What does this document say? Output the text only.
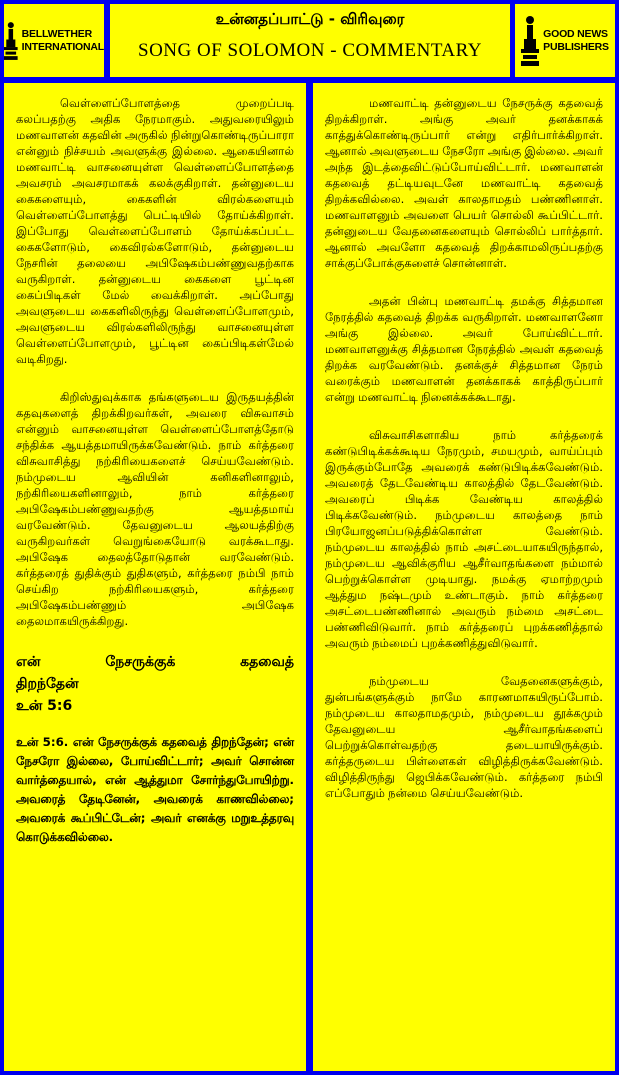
BELLWETHER
INTERNATIONAL
உன்னதப்பாட்டு - விரிவுரை
SONG OF SOLOMON - COMMENTARY
GOOD NEWS
PUBLISHERS

வெள்ளைப்போளத்தை முறைப்படி கலப்பதற்கு அதிக நேரமாகும். அதுவரையிலும் மணவாளன் கதவின் அருகில் நின்றுகொண்டிருப்பாரா என்னும் நிச்சயம் அவளுக்கு இல்லை. ஆகையினால் மணவாட்டி வாசனையுள்ள வெள்ளைப்போளத்தை அவசரம் அவசரமாகக் கலக்குகிறாள். தன்னுடைய கைகளையும், கைகளின் விரல்களையும் வெள்ளைப்போளத்து பெட்டியில் தோய்க்கிறாள். இப்போது வெள்ளைப்போளம் தோய்க்கப்பட்ட கைகளோடும், கைவிரல்களோடும், தன்னுடைய நேசரின் தலையை அபிஷேகம்பண்ணுவதற்காக வருகிறாள். தன்னுடைய கைகளை பூட்டின கைப்பிடிகள் மேல் வைக்கிறாள். அப்போது அவளுடைய கைகளிலிருந்து வெள்ளைப்போளமும், அவளுடைய விரல்களிலிருந்து வாசனையுள்ள வெள்ளைப்போளமும், பூட்டின கைப்பிடிகள்மேல் வடிகிறது.

கிறிஸ்துவுக்காக தங்களுடைய இருதயத்தின் கதவுகளைத் திறக்கிறவர்கள், அவரை விசுவாசம் என்னும் வாசனையுள்ள வெள்ளைப்போளத்தோடு சந்திக்க ஆயத்தமாயிருக்கவேண்டும். நாம் கர்த்தரை விசுவாசித்து நற்கிரியைகளைச் செய்யவேண்டும். நம்முடைய ஆவியின் கனிகளினாலும், நற்கிரியைகளினாலும், நாம் கர்த்தரை அபிஷேகம்பண்ணுவதற்கு ஆயத்தமாய் வரவேண்டும். தேவனுடைய ஆலயத்திற்கு வருகிறவர்கள் வெறுங்கையோடு வரக்கூடாது. அபிஷேக தைலத்தோடுதான் வரவேண்டும். கர்த்தரைத் துதிக்கும் துதிகளும், கர்த்தரை நம்பி நாம் செய்கிற நற்கிரியைகளும், கர்த்தரை அபிஷேகம்பண்ணும் அபிஷேக தைலமாகயிருக்கிறது.

என் நேசருக்குக் கதவைத்
திறந்தேன்
உன் 5:6

உன் 5:6. என் நேசருக்குக் கதவைத் திறந்தேன்; என் நேசரோ இல்லை, போய்விட்டார்; அவர் சொன்ன வார்த்தையால், என் ஆத்துமா சோர்ந்துபோயிற்று. அவரைத் தேடினேன், அவரைக் காணவில்லை; அவரைக் கூப்பிட்டேன்; அவர் எனக்கு மறுஉத்தரவு கொடுக்கவில்லை.

மணவாட்டி தன்னுடைய நேசருக்கு கதவைத் திறக்கிறாள். அங்கு அவர் தனக்காகக் காத்துக்கொண்டிருப்பார் என்று எதிர்பார்க்கிறாள். ஆனால் அவளுடைய நேசரோ அங்கு இல்லை. அவர் அந்த இடத்தைவிட்டுப்போய்விட்டார். மணவாளன் கதவைத் தட்டியவுடனே மணவாட்டி கதவைத் திறக்கவில்லை. அவள் காலதாமதம் பண்ணினாள். மணவாளனும் அவளை பெயர் சொல்லி கூப்பிட்டார். தன்னுடைய வேதனைகளையும் சொல்லிப் பார்த்தார். ஆனால் அவளோ கதவைத் திறக்காமலிருப்பதற்கு சாக்குப்போக்குகளைச் சொன்னாள்.

அதன் பின்பு மணவாட்டி தமக்கு சித்தமான நேரத்தில் கதவைத் திறக்க வருகிறாள். மணவாளனோ அங்கு இல்லை. அவர் போய்விட்டார். மணவாளனுக்கு சித்தமான நேரத்தில் அவள் கதவைத் திறக்க வரவேண்டும். தனக்குச் சித்தமான நேரம் வரைக்கும் மணவாளன் தனக்காகக் காத்திருப்பார் என்று மணவாட்டி நினைக்கக்கூடாது.

விசுவாசிகளாகிய நாம் கர்த்தரைக் கண்டுபிடிக்கக்கூடிய நேரமும், சமயமும், வாய்ப்பும் இருக்கும்போதே அவரைக் கண்டுபிடிக்கவேண்டும். அவரைத் தேடவேண்டிய காலத்தில் தேடவேண்டும். அவரைப் பிடிக்க வேண்டிய காலத்தில் பிடிக்கவேண்டும். நம்முடைய காலத்தை நாம் பிரயோஜனப்படுத்திக்கொள்ள வேண்டும். நம்முடைய காலத்தில் நாம் அசட்டையாகயிருந்தால், நம்முடைய ஆவிக்குரிய ஆசீர்வாதங்களை நம்மால் பெற்றுக்கொள்ள முடியாது. நமக்கு ஏமாற்றமும் ஆத்தும நஷ்டமும் உண்டாகும். நாம் கர்த்தரை அசட்டைபண்ணினால் அவரும் நம்மை அசட்டை பண்ணிவிடுவார். நாம் கர்த்தரைப் புறக்கணித்தால் அவரும் நம்மைப் புறக்கணித்துவிடுவார்.

நம்முடைய வேதனைகளுக்கும், துன்பங்களுக்கும் நாமே காரணமாகயிருப்போம். நம்முடைய காலதாமதமும், நம்முடைய தூக்கமும் தேவனுடைய ஆசீர்வாதங்களைப் பெற்றுக்கொள்வதற்கு தடையாயிருக்கும். கர்த்தருடைய பிள்ளைகள் விழித்திருக்கவேண்டும். விழித்திருந்து ஜெபிக்கவேண்டும். கர்த்தரை நம்பி எப்போதும் நன்மை செய்யவேண்டும்.
